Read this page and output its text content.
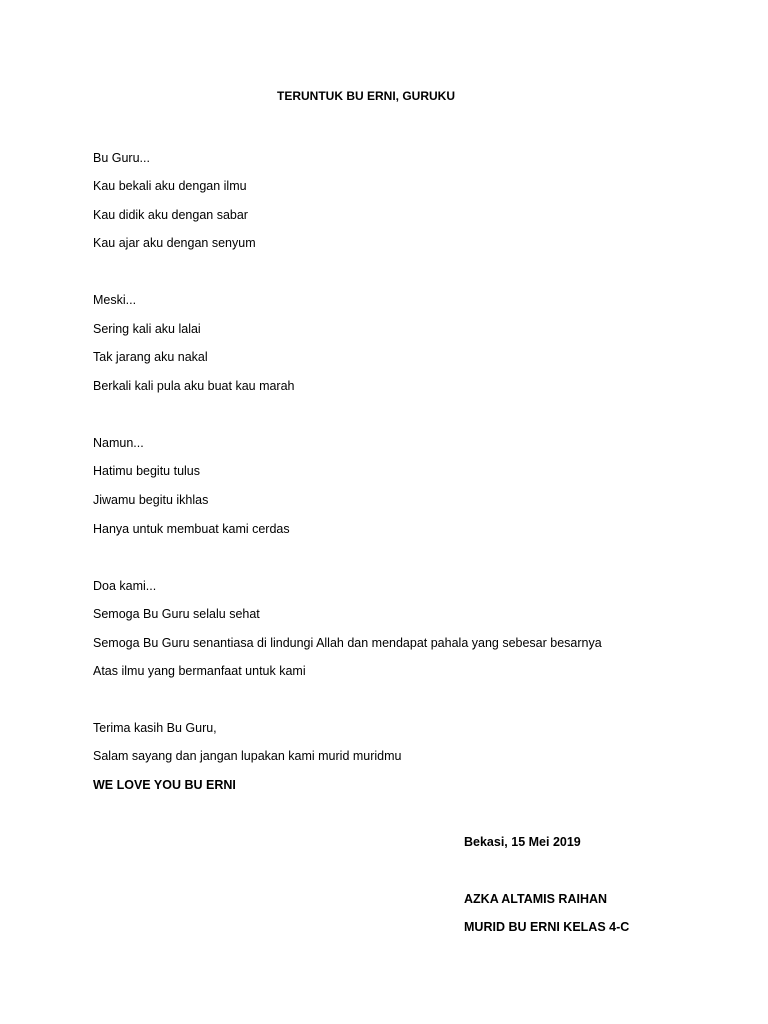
TERUNTUK BU ERNI, GURUKU
Bu Guru...
Kau bekali aku dengan ilmu
Kau didik aku dengan sabar
Kau ajar aku dengan senyum
Meski...
Sering kali aku lalai
Tak jarang aku nakal
Berkali kali pula aku buat kau marah
Namun...
Hatimu begitu tulus
Jiwamu begitu ikhlas
Hanya untuk membuat kami cerdas
Doa kami...
Semoga Bu Guru selalu sehat
Semoga Bu Guru senantiasa di lindungi Allah dan mendapat pahala yang sebesar besarnya
Atas ilmu yang bermanfaat untuk kami
Terima kasih Bu Guru,
Salam sayang dan jangan lupakan kami murid muridmu
WE LOVE YOU BU ERNI
Bekasi, 15 Mei 2019
AZKA ALTAMIS RAIHAN
MURID BU ERNI KELAS 4-C
